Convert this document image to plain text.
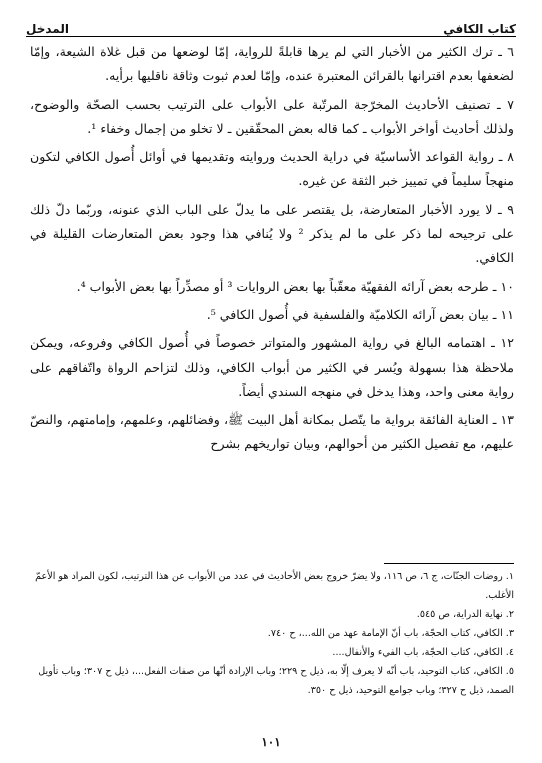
كتاب الكافي
المدخل

٦ ـ ترك الكثير من الأخبار التي لم يرها قابلةً للرواية، إمّا لوضعها من قبل غلاة الشيعة، وإمّا لضعفها بعدم اقترانها بالقرائن المعتبرة عنده، وإمّا لعدم ثبوت وثاقة ناقليها برأيه.

٧ ـ تصنيف الأحاديث المخرّجة المرتّبة على الأبواب على الترتيب بحسب الصحّة والوضوح، ولذلك أحاديث أواخر الأبواب ـ كما قاله بعض المحقّقين ـ لا تخلو من إجمال وخفاء ¹.

٨ ـ رواية القواعد الأساسيّة في دراية الحديث وروايته وتقديمها في أوائل أُصول الكافي لتكون منهجاً سليماً في تمييز خبر الثقة عن غيره.

٩ ـ لا يورد الأخبار المتعارضة، بل يقتصر على ما يدلّ على الباب الذي عنونه، وربّما دلّ ذلك على ترجيحه لما ذكر على ما لم يذكر ² ولا يُنافي هذا وجود بعض المتعارضات القليلة في الكافي.

١٠ ـ طرحه بعض آرائه الفقهيّة معقّباً بها بعض الروايات ³ أو مصدِّراً بها بعض الأبواب ⁴.

١١ ـ بيان بعض آرائه الكلاميّة والفلسفية في أُصول الكافي ⁵.

١٢ ـ اهتمامه البالغ في رواية المشهور والمتواتر خصوصاً في أُصول الكافي وفروعه، ويمكن ملاحظة هذا بسهولة ويُسر في الكثير من أبواب الكافي، وذلك لتزاحم الرواة واتّفاقهم على رواية معنى واحد، وهذا يدخل في منهجه السندي أيضاً.

١٣ ـ العناية الفائقة برواية ما يتّصل بمكانة أهل البيت ﷺ، وفضائلهم، وعلمهم، وإمامتهم، والنصّ عليهم، مع تفصيل الكثير من أحوالهم، وبيان تواريخهم بشرح

١. روضات الجنّات، ج ٦، ص ١١٦، ولا يضرّ خروج بعض الأحاديث في عدد من الأبواب عن هذا الترتيب، لكون المراد هو الأعمّ الأغلب.

٢. نهاية الدراية، ص ٥٤٥.

٣. الكافي، كتاب الحجّة، باب أنّ الإمامة عهد من الله...، ح ٧٤٠.

٤. الكافي، كتاب الحجّة، باب الفيء والأنفال....

٥. الكافي، كتاب التوحيد، باب أنّه لا يعرف إلّا به، ذيل ح ٢٢٩؛ وباب الإرادة أنّها من صفات الفعل...، ذيل ح ٣٠٧؛ وباب تأويل الصمد، ذيل ح ٣٢٧؛ وباب جوامع التوحيد، ذيل ح ٣٥٠.

١٠١
